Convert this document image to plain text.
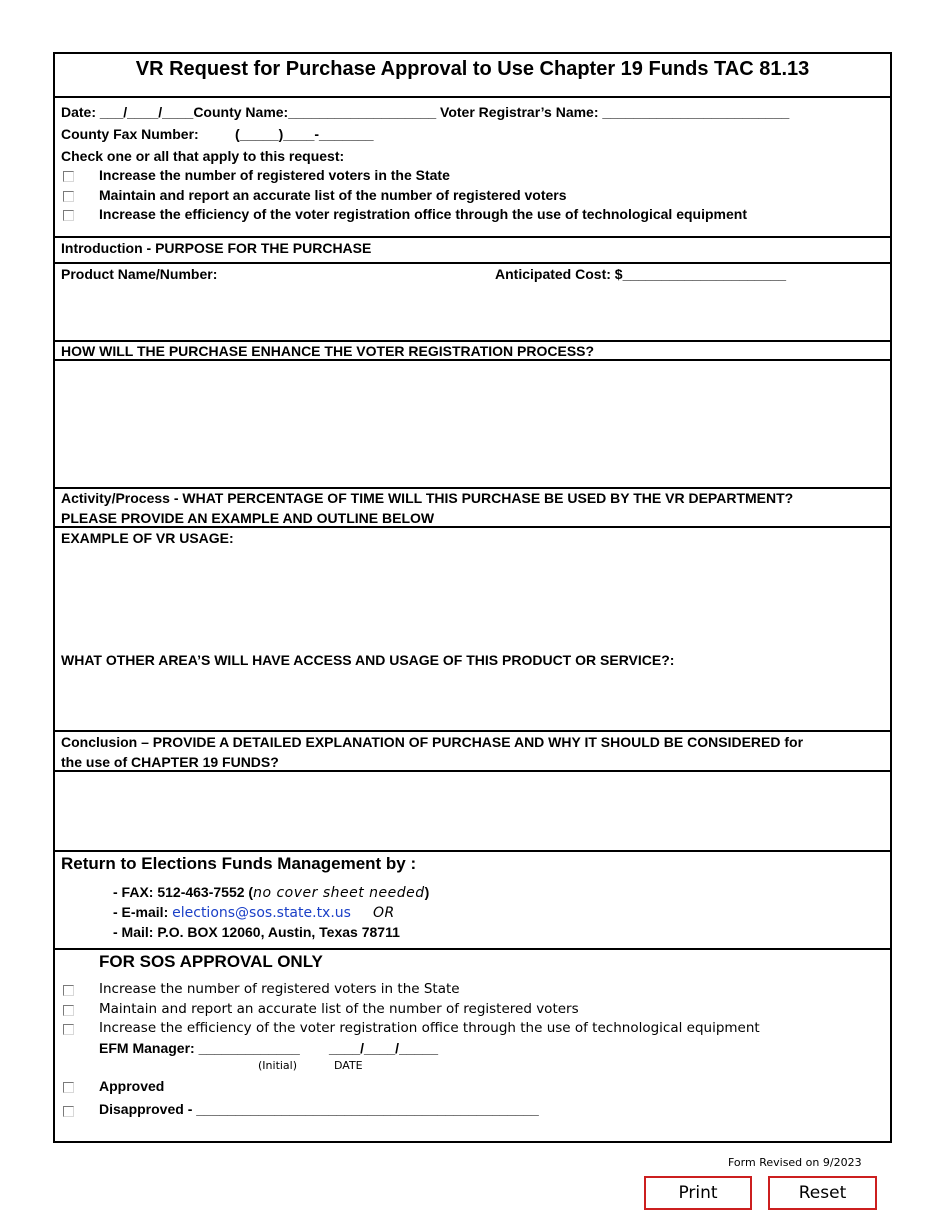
VR Request for Purchase Approval to Use Chapter 19 Funds TAC 81.13
Date: ___/____/____County Name:___________________ Voter Registrar’s Name: ________________________
County Fax Number:	(_____)____-_______
Check one or all that apply to this request:
Increase the number of registered voters in the State
Maintain and report an accurate list of the number of registered voters
Increase the efficiency of the voter registration office through the use of technological equipment
Introduction - PURPOSE FOR THE PURCHASE
Product Name/Number:	Anticipated Cost: $_____________________
HOW WILL THE PURCHASE ENHANCE THE VOTER REGISTRATION PROCESS?
Activity/Process - WHAT PERCENTAGE OF TIME WILL THIS PURCHASE BE USED BY THE VR DEPARTMENT?
PLEASE PROVIDE AN EXAMPLE AND OUTLINE BELOW
EXAMPLE OF VR USAGE:
WHAT OTHER AREA’S WILL HAVE ACCESS AND USAGE OF THIS PRODUCT OR SERVICE?:
Conclusion – PROVIDE A DETAILED EXPLANATION OF PURCHASE AND WHY IT SHOULD BE CONSIDERED for
the use of CHAPTER 19 FUNDS?
Return to Elections Funds Management by :
- FAX: 512-463-7552 (no cover sheet needed)
- E-mail: elections@sos.state.tx.us OR
- Mail: P.O. BOX 12060, Austin, Texas 78711
FOR SOS APPROVAL ONLY
Increase the number of registered voters in the State
Maintain and report an accurate list of the number of registered voters
Increase the efficiency of the voter registration office through the use of technological equipment
EFM Manager: _____________ ____/____/_____
(Initial)	DATE
Approved
Disapproved - ____________________________________________
Form Revised on 9/2023
Print	Reset
